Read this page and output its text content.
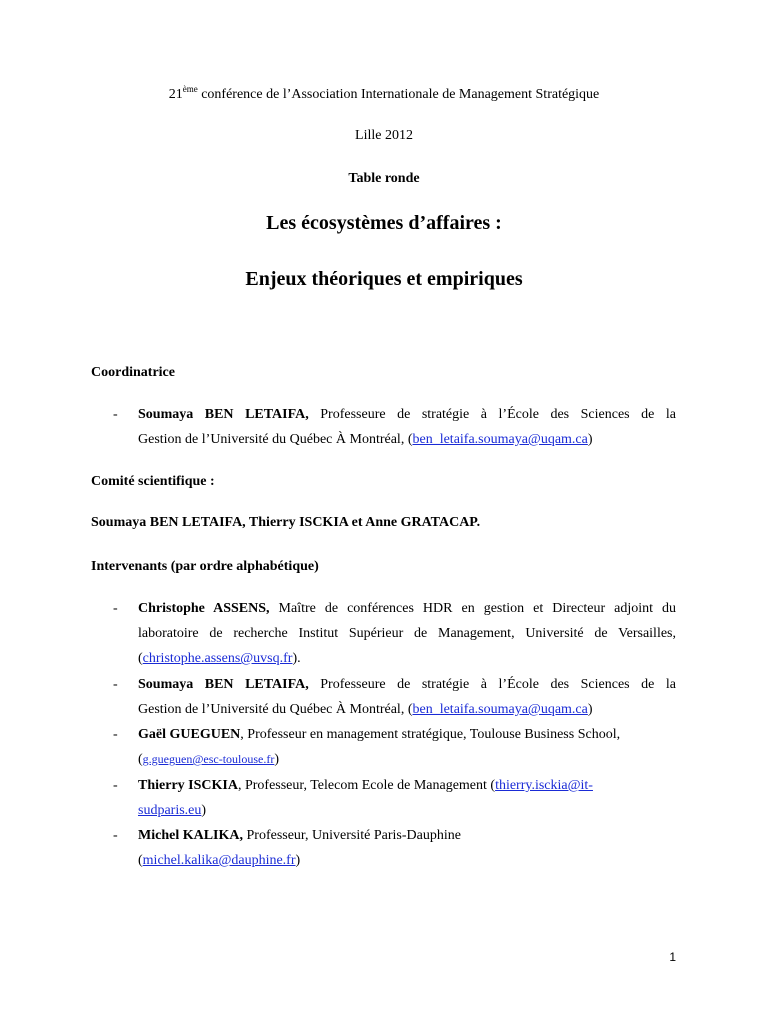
21ème conférence de l’Association Internationale de Management Stratégique
Lille 2012
Table ronde
Les écosystèmes d’affaires :
Enjeux théoriques et empiriques
Coordinatrice
- Soumaya BEN LETAIFA, Professeure de stratégie à l’École des Sciences de la
Gestion de l’Université du Québec À Montréal, (ben_letaifa.soumaya@uqam.ca)
Comité scientifique :
Soumaya BEN LETAIFA, Thierry ISCKIA et Anne GRATACAP.
Intervenants (par ordre alphabétique)
- Christophe ASSENS, Maître de conférences HDR en gestion et Directeur adjoint du
laboratoire de recherche Institut Supérieur de Management, Université de Versailles,
(christophe.assens@uvsq.fr).
- Soumaya BEN LETAIFA, Professeure de stratégie à l’École des Sciences de la
Gestion de l’Université du Québec À Montréal, (ben_letaifa.soumaya@uqam.ca)
- Gaël GUEGUEN, Professeur en management stratégique, Toulouse Business School,
(g.gueguen@esc-toulouse.fr)
- Thierry ISCKIA, Professeur, Telecom Ecole de Management (thierry.isckia@it-
sudparis.eu)
- Michel KALIKA, Professeur, Université Paris-Dauphine
(michel.kalika@dauphine.fr)
1
